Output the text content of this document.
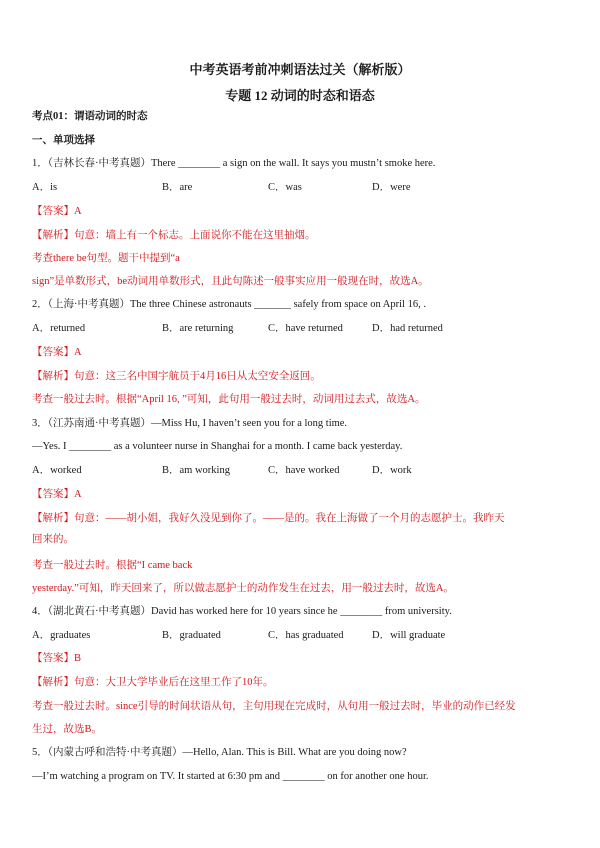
中考英语考前冲刺语法过关（解析版）
专题 12 动词的时态和语态
考点01：谓语动词的时态
一、单项选择
1．（吉林长春·中考真题）There ________ a sign on the wall. It says you mustn’t smoke here.
A．is	B．are	C．was	D．were
【答案】A
【解析】句意：墙上有一个标志。上面说你不能在这里抽烟。
考查there be句型。题干中提到“a
sign”是单数形式，be动词用单数形式，且此句陈述一般事实应用一般现在时，故选A。
2．（上海·中考真题）The three Chinese astronauts _______ safely from space on April 16, .
A．returned	B．are returning	C．have returned	D．had returned
【答案】A
【解析】句意：这三名中国宇航员于4月16日从太空安全返回。
考查一般过去时。根据“April 16, ”可知，此句用一般过去时，动词用过去式，故选A。
3．（江苏南通·中考真题）—Miss Hu, I haven’t seen you for a long time.
—Yes. I ________ as a volunteer nurse in Shanghai for a month. I came back yesterday.
A．worked	B．am working	C．have worked	D．work
【答案】A
【解析】句意：——胡小姐，我好久没见到你了。——是的。我在上海做了一个月的志愿护士。我昨天
回来的。
考查一般过去时。根据“I came back
yesterday.”可知，昨天回来了，所以做志愿护士的动作发生在过去，用一般过去时，故选A。
4．（湖北黄石·中考真题）David has worked here for 10 years since he ________ from university.
A．graduates	B．graduated	C．has graduated	D．will graduate
【答案】B
【解析】句意：大卫大学毕业后在这里工作了10年。
考查一般过去时。since引导的时间状语从句，主句用现在完成时，从句用一般过去时，毕业的动作已经发
生过，故选B。
5．（内蒙古呼和浩特·中考真题）—Hello, Alan. This is Bill. What are you doing now?
—I’m watching a program on TV. It started at 6:30 pm and ________ on for another one hour.
